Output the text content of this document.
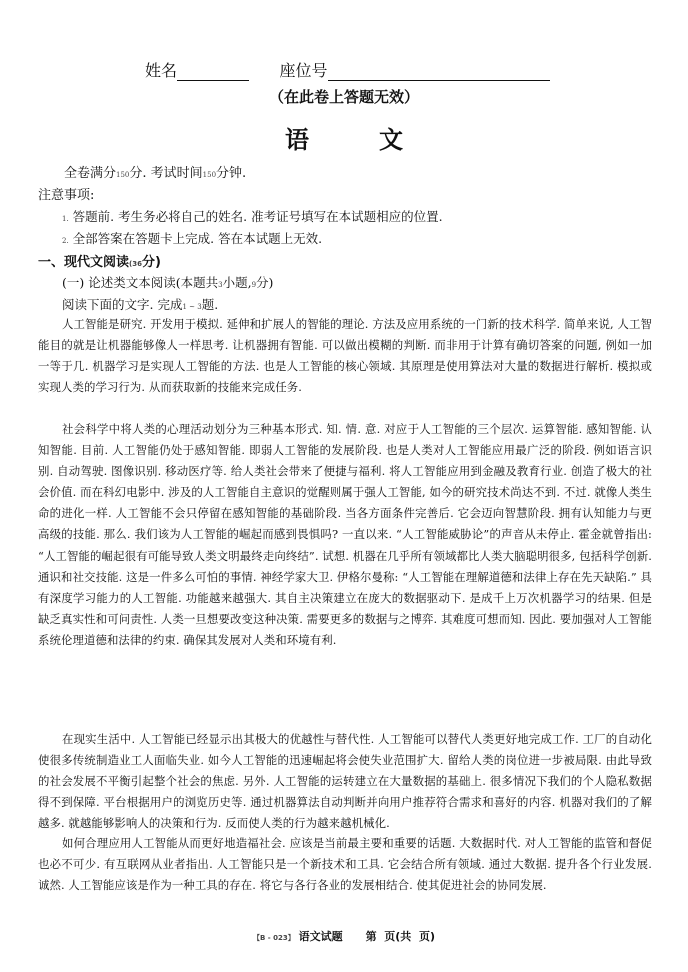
姓名	座位号
（在此卷上答题无效）
语文
全卷满分150分. 考试时间150分钟.
注意事项:
1. 答题前. 考生务必将自己的姓名. 准考证号填写在本试题相应的位置.
2. 全部答案在答题卡上完成. 答在本试题上无效.
一、现代文阅读(36分)
(一) 论述类文本阅读(本题共3小题,9分)
阅读下面的文字. 完成1 ~ 3题.
人工智能是研究. 开发用于模拟. 延伸和扩展人的智能的理论. 方法及应用系统的一门新的技术科学. 简单来说, 人工智能目的就是让机器能够像人一样思考. 让机器拥有智能. 可以做出模糊的判断. 而非用于计算有确切答案的问题, 例如一加一等于几. 机器学习是实现人工智能的方法. 也是人工智能的核心领域. 其原理是使用算法对大量的数据进行解析. 模拟或实现人类的学习行为. 从而获取新的技能来完成任务.
社会科学中将人类的心理活动划分为三种基本形式. 知. 情. 意. 对应于人工智能的三个层次. 运算智能. 感知智能. 认知智能. 目前. 人工智能仍处于感知智能. 即弱人工智能的发展阶段. 也是人类对人工智能应用最广泛的阶段. 例如语言识别. 自动驾驶. 图像识别. 移动医疗等. 给人类社会带来了便捷与福利. 将人工智能应用到金融及教育行业. 创造了极大的社会价值. 而在科幻电影中. 涉及的人工智能自主意识的觉醒则属于强人工智能, 如今的研究技术尚达不到. 不过. 就像人类生命的进化一样. 人工智能不会只停留在感知智能的基础阶段. 当各方面条件完善后. 它会迈向智慧阶段. 拥有认知能力与更高级的技能. 那么. 我们该为人工智能的崛起而感到畏惧吗? 一直以来. “人工智能威胁论”的声音从未停止. 霍金就曾指出: “人工智能的崛起很有可能导致人类文明最终走向终结”. 试想. 机器在几乎所有领域都比人类大脑聪明很多, 包括科学创新. 通识和社交技能. 这是一件多么可怕的事情. 神经学家大卫. 伊格尔曼称: “人工智能在理解道德和法律上存在先天缺陷.” 具有深度学习能力的人工智能. 功能越来越强大. 其自主决策建立在庞大的数据驱动下. 是成千上万次机器学习的结果. 但是缺乏真实性和可问责性. 人类一旦想要改变这种决策. 需要更多的数据与之博弈. 其难度可想而知. 因此. 要加强对人工智能系统伦理道德和法律的约束. 确保其发展对人类和环境有利.
在现实生活中. 人工智能已经显示出其极大的优越性与替代性. 人工智能可以替代人类更好地完成工作. 工厂的自动化使很多传统制造业工人面临失业. 如今人工智能的迅速崛起将会使失业范围扩大. 留给人类的岗位进一步被局限. 由此导致的社会发展不平衡引起整个社会的焦虑. 另外. 人工智能的运转建立在大量数据的基础上. 很多情况下我们的个人隐私数据得不到保障. 平台根据用户的浏览历史等. 通过机器算法自动判断并向用户推荐符合需求和喜好的内容. 机器对我们的了解越多. 就越能够影响人的决策和行为. 反而使人类的行为越来越机械化.
如何合理应用人工智能从而更好地造福社会. 应该是当前最主要和重要的话题. 大数据时代. 对人工智能的监管和督促也必不可少. 有互联网从业者指出. 人工智能只是一个新技术和工具. 它会结合所有领域. 通过大数据. 提升各个行业发展. 诚然. 人工智能应该是作为一种工具的存在. 将它与各行各业的发展相结合. 使其促进社会的协同发展.
【B - 023】 语文试题 第 页(共 页)
